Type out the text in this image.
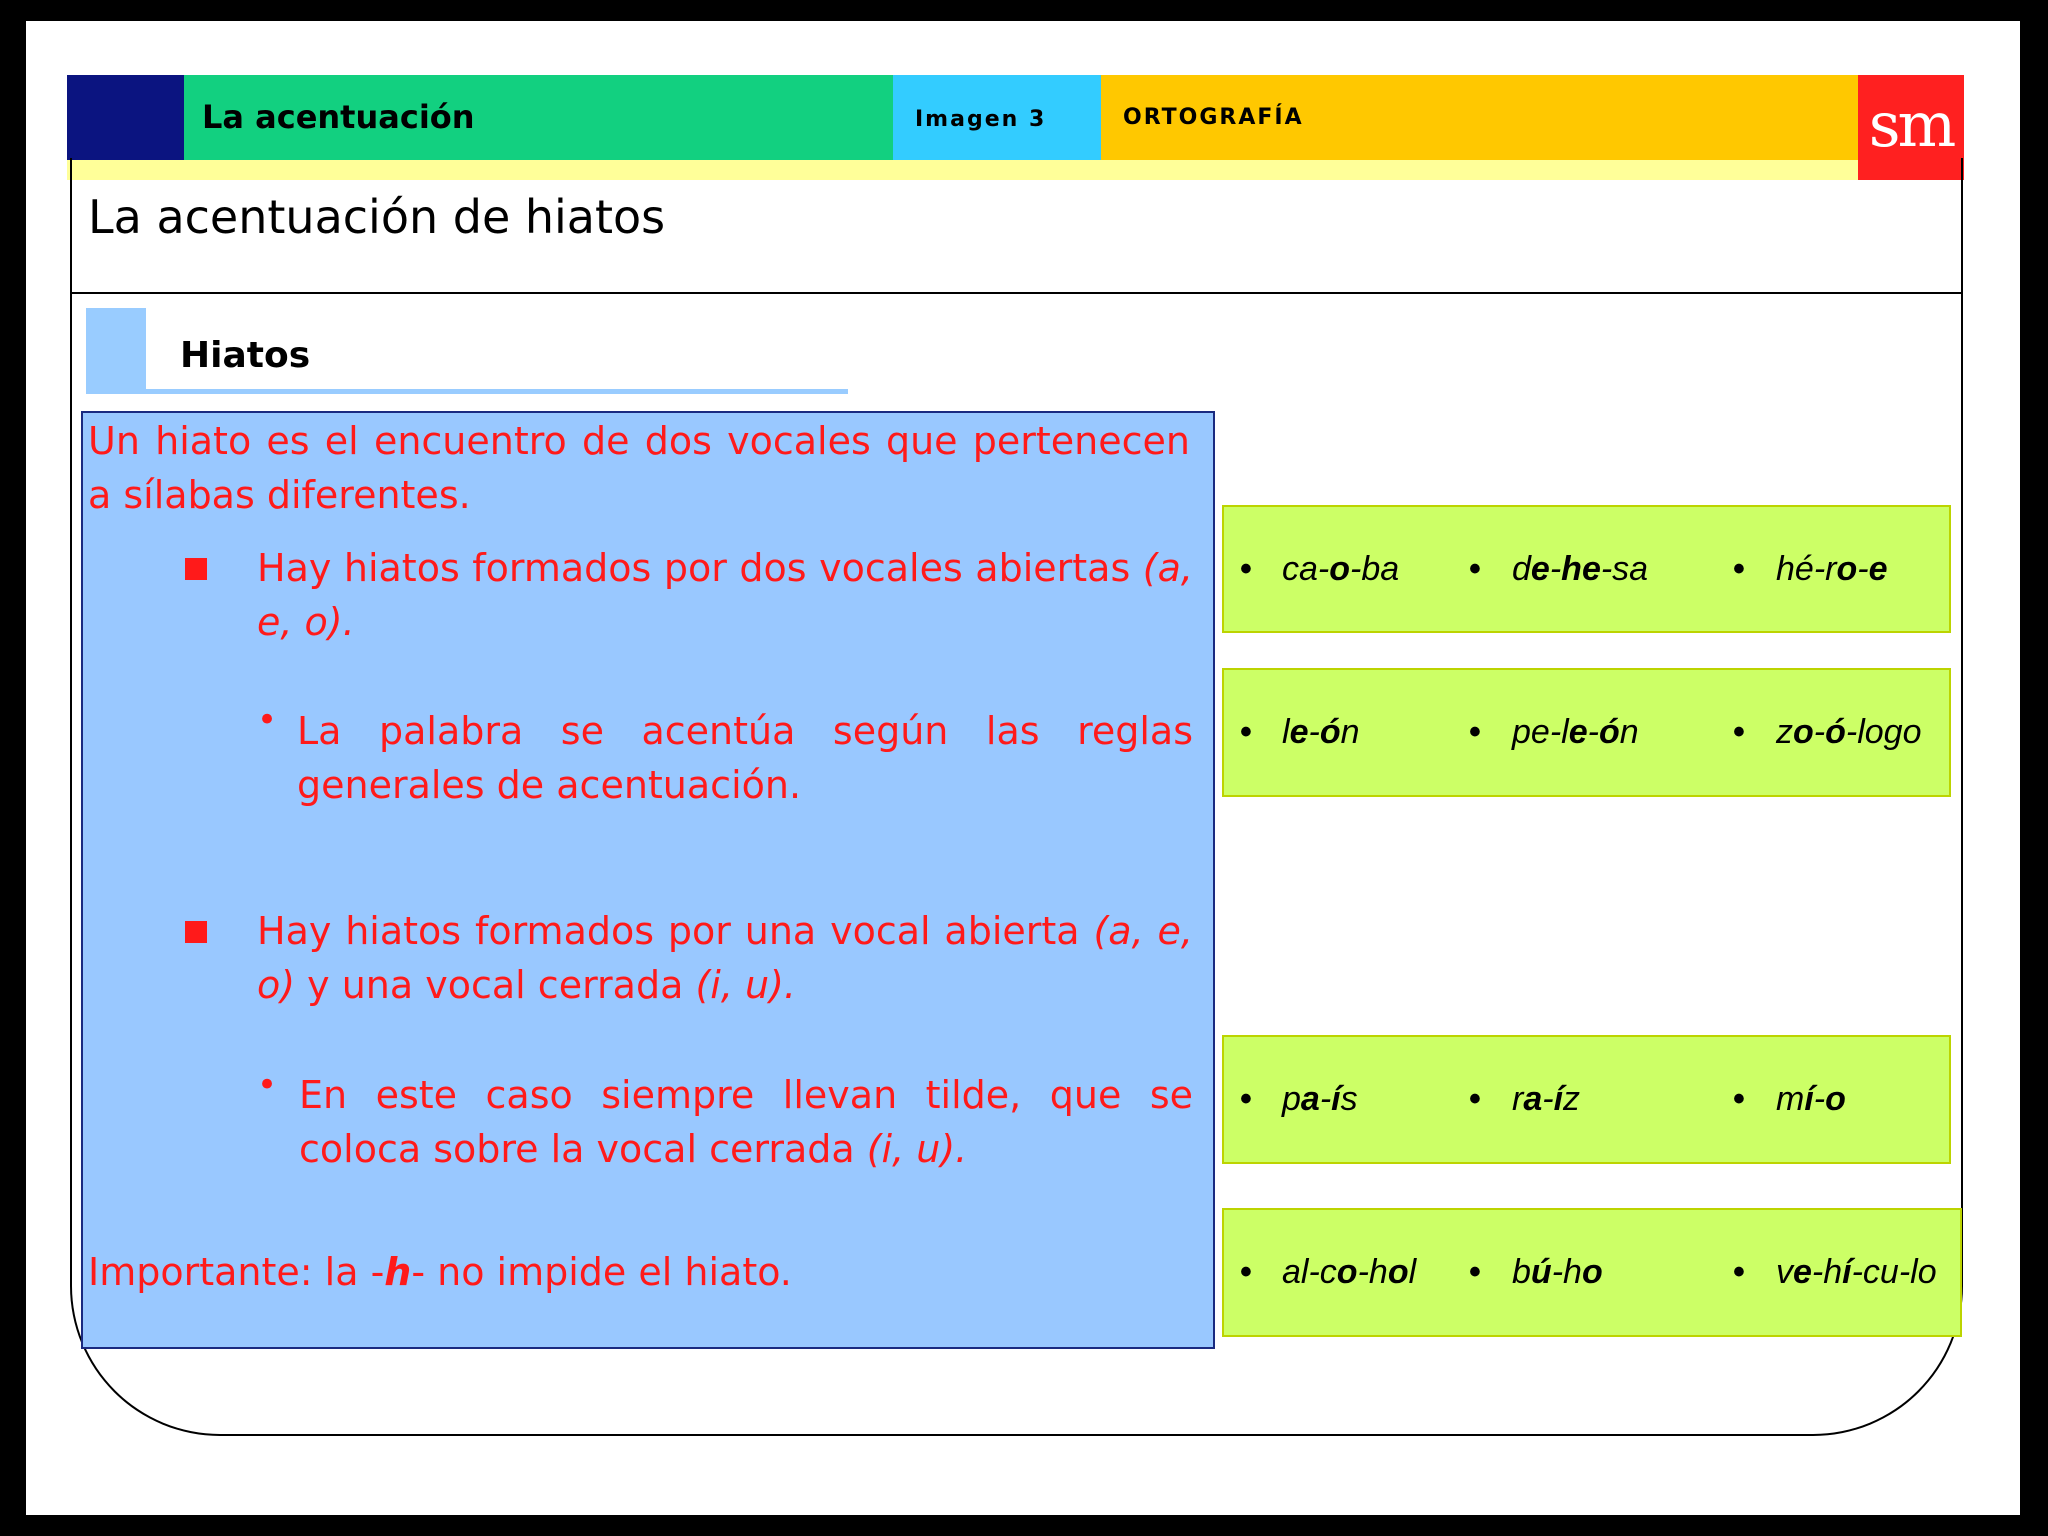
La acentuación	Imagen 3	ORTOGRAFÍA	sm
La acentuación de hiatos
Hiatos
Un hiato es el encuentro de dos vocales que pertenecen a sílabas diferentes.
Hay hiatos formados por dos vocales abiertas (a, e, o).
• La palabra se acentúa según las reglas generales de acentuación.
Hay hiatos formados por una vocal abierta (a, e, o) y una vocal cerrada (i, u).
• En este caso siempre llevan tilde, que se coloca sobre la vocal cerrada (i, u).
Importante: la -h- no impide el hiato.
• ca-o-ba • de-he-sa • hé-ro-e
• le-ón	• pe-le-ón	• zo-ó-logo
• pa-ís	• ra-íz	• mí-o
• al-co-hol • bú-ho	• ve-hí-cu-lo
